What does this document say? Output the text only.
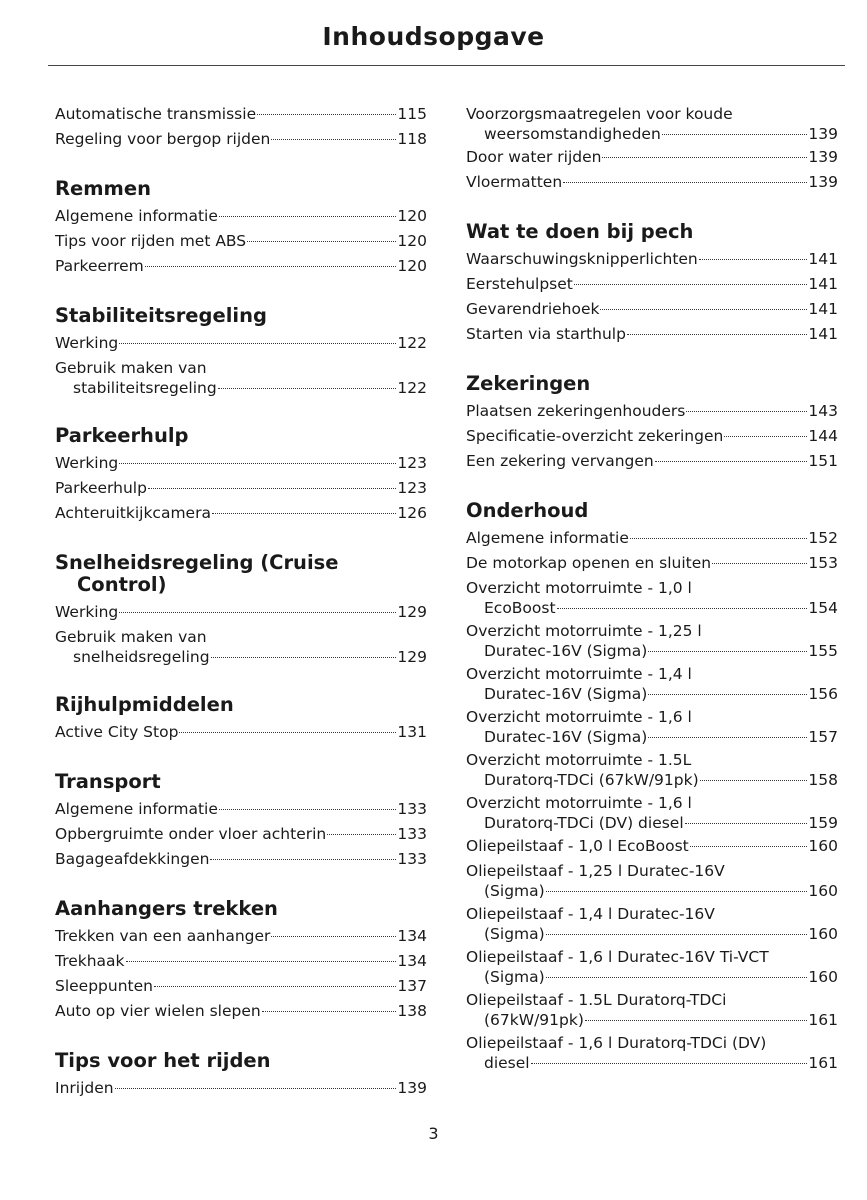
Inhoudsopgave
Automatische transmissie	115
Regeling voor bergop rijden	118
Remmen
Algemene informatie	120
Tips voor rijden met ABS	120
Parkeerrem	120
Stabiliteitsregeling
Werking	122
Gebruik maken van
stabiliteitsregeling	122
Parkeerhulp
Werking	123
Parkeerhulp	123
Achteruitkijkcamera	126
Snelheidsregeling (Cruise
Control)
Werking	129
Gebruik maken van
snelheidsregeling	129
Rijhulpmiddelen
Active City Stop	131
Transport
Algemene informatie	133
Opbergruimte onder vloer achterin	133
Bagageafdekkingen	133
Aanhangers trekken
Trekken van een aanhanger	134
Trekhaak	134
Sleeppunten	137
Auto op vier wielen slepen	138
Tips voor het rijden
Inrijden	139
Voorzorgsmaatregelen voor koude
weersomstandigheden	139
Door water rijden	139
Vloermatten	139
Wat te doen bij pech
Waarschuwingsknipperlichten	141
Eerstehulpset	141
Gevarendriehoek	141
Starten via starthulp	141
Zekeringen
Plaatsen zekeringenhouders	143
Specificatie-overzicht zekeringen	144
Een zekering vervangen	151
Onderhoud
Algemene informatie	152
De motorkap openen en sluiten	153
Overzicht motorruimte - 1,0 l
EcoBoost	154
Overzicht motorruimte - 1,25 l
Duratec-16V (Sigma)	155
Overzicht motorruimte - 1,4 l
Duratec-16V (Sigma)	156
Overzicht motorruimte - 1,6 l
Duratec-16V (Sigma)	157
Overzicht motorruimte - 1.5L
Duratorq-TDCi (67kW/91pk)	158
Overzicht motorruimte - 1,6 l
Duratorq-TDCi (DV) diesel	159
Oliepeilstaaf - 1,0 l EcoBoost	160
Oliepeilstaaf - 1,25 l Duratec-16V
(Sigma)	160
Oliepeilstaaf - 1,4 l Duratec-16V
(Sigma)	160
Oliepeilstaaf - 1,6 l Duratec-16V Ti-VCT
(Sigma)	160
Oliepeilstaaf - 1.5L Duratorq-TDCi
(67kW/91pk)	161
Oliepeilstaaf - 1,6 l Duratorq-TDCi (DV)
diesel	161
3
